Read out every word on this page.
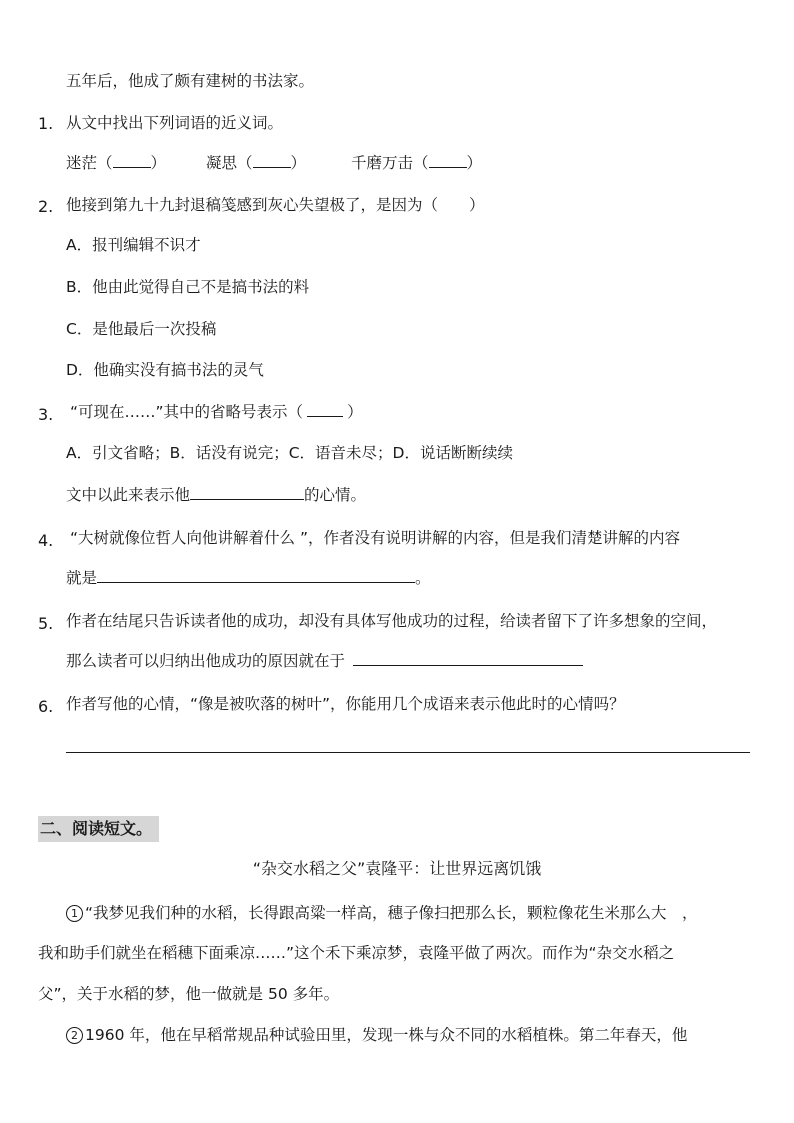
五年后，他成了颇有建树的书法家。
1. 从文中找出下列词语的近义词。
迷茫（ ）	凝思（ ）	千磨万击（ ）
2. 他接到第九十九封退稿笺感到灰心失望极了，是因为（　　）
A．报刊编辑不识才
B．他由此觉得自己不是搞书法的料
C．是他最后一次投稿
D．他确实没有搞书法的灵气
3. “可现在……”其中的省略号表示（	）
A．引文省略；B．话没有说完；C．语音未尽；D．说话断断续续
文中以此来表示他	的心情。
4. “大树就像位哲人向他讲解着什么 ”，作者没有说明讲解的内容，但是我们清楚讲解的内容
就是	。
5. 作者在结尾只告诉读者他的成功，却没有具体写他成功的过程，给读者留下了许多想象的空间，
那么读者可以归纳出他成功的原因就在于
6. 作者写他的心情，“像是被吹落的树叶”，你能用几个成语来表示他此时的心情吗？
二、阅读短文。
“杂交水稻之父”袁隆平：让世界远离饥饿
1 “我梦见我们种的水稻，长得跟高粱一样高，穗子像扫把那么长，颗粒像花生米那么大　，
我和助手们就坐在稻穗下面乘凉……”这个禾下乘凉梦，袁隆平做了两次。而作为“杂交水稻之
父”，关于水稻的梦，他一做就是 50 多年。
2 1960 年，他在早稻常规品种试验田里，发现一株与众不同的水稻植株。第二年春天，他
